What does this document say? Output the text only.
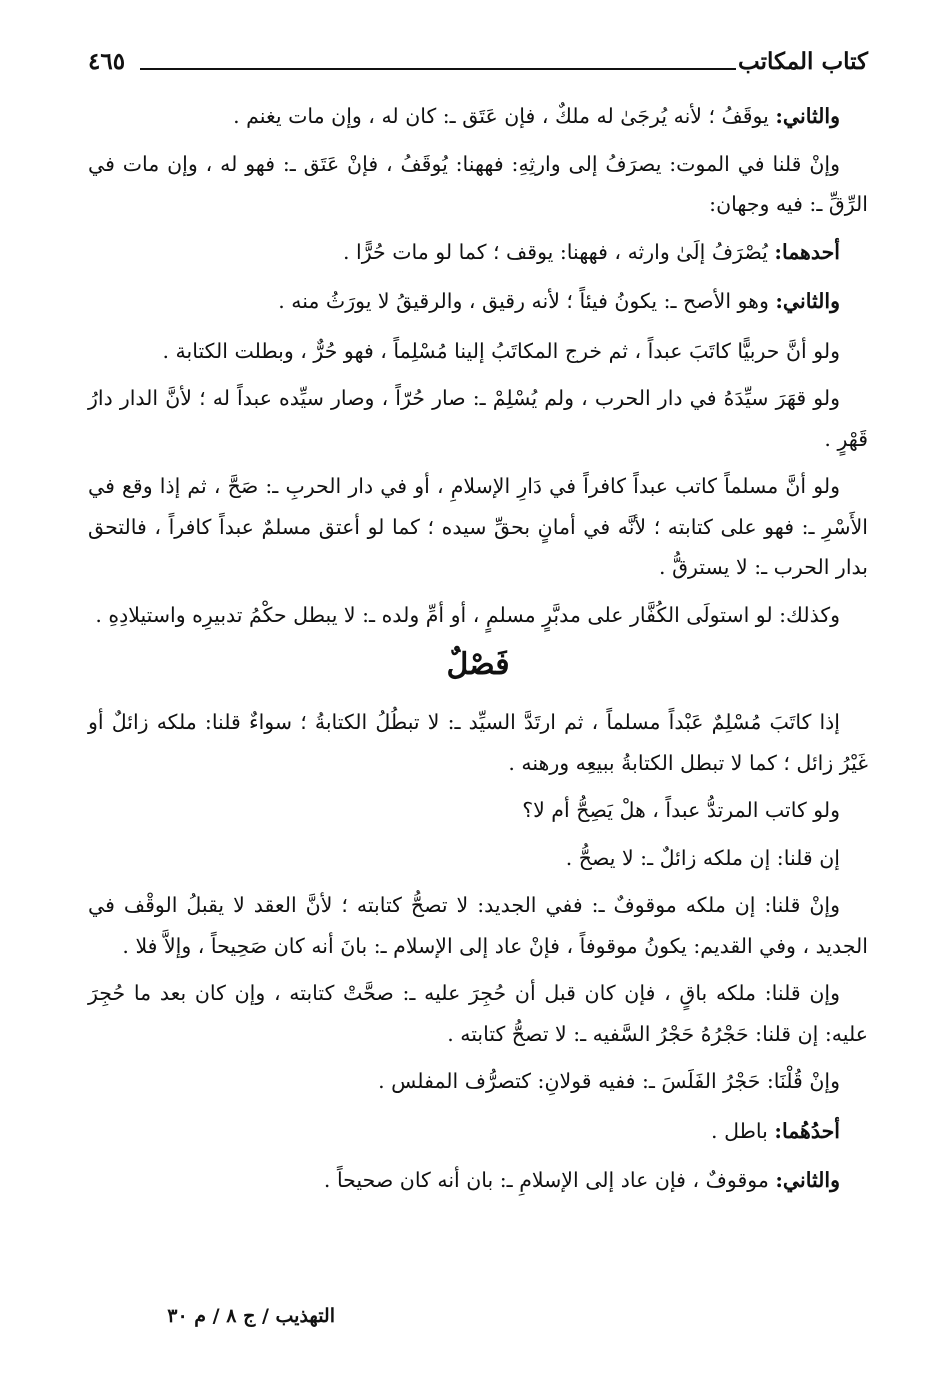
كتاب المكاتب
٤٦٥

والثاني: يوقَفُ ؛ لأنه يُرجَىٰ له ملكٌ ، فإن عَتَق ـ: كان له ، وإن مات يغنم .

وإنْ قلنا في الموت: يصرَفُ إلى وارثِهِ: فههنا: يُوقَفُ ، فإنْ عَتَق ـ: فهو له ، وإن مات في الرِّقِّ ـ: فيه وجهان:

أحدهما: يُصْرَفُ إلَىٰ وارثه ، فههنا: يوقف ؛ كما لو مات حُرًّا .

والثاني: وهو الأصح ـ: يكونُ فيئاً ؛ لأنه رقيق ، والرقيقُ لا يورَثُ منه .

ولو أنَّ حربيًّا كاتَبَ عبداً ، ثم خرج المكاتَبُ إلينا مُسْلِماً ، فهو حُرٌّ ، وبطلت الكتابة .

ولو قهَرَ سيِّدَهُ في دار الحرب ، ولم يُسْلِمْ ـ: صار حُرّاً ، وصار سيِّده عبداً له ؛ لأنَّ الدار دارُ قَهْرٍ .

ولو أنَّ مسلماً كاتب عبداً كافراً في دَارِ الإسلامِ ، أو في دار الحربِ ـ: صَحَّ ، ثم إذا وقع في الأَسْرِ ـ: فهو على كتابته ؛ لأنَّه في أمانٍ بحقِّ سيده ؛ كما لو أعتق مسلمٌ عبداً كافراً ، فالتحق بدار الحرب ـ: لا يسترقُّ .

وكذلك: لو استولَى الكُفَّار على مدبَّرٍ مسلمٍ ، أو أمِّ ولده ـ: لا يبطل حكْمُ تدبيرِه واستيلادِهِ .

فَصْلٌ

إذا كاتَبَ مُسْلِمٌ عَبْداً مسلماً ، ثم ارتَدَّ السيِّد ـ: لا تبطُلُ الكتابةُ ؛ سواءٌ قلنا: ملكه زائلٌ أو غَيْرُ زائل ؛ كما لا تبطل الكتابةُ ببيعِه ورهنه .

ولو كاتب المرتدُّ عبداً ، هلْ يَصِحُّ أم لا؟

إن قلنا: إن ملكه زائلٌ ـ: لا يصحُّ .

وإنْ قلنا: إن ملكه موقوفٌ ـ: ففي الجديد: لا تصحُّ كتابته ؛ لأنَّ العقد لا يقبلُ الوقْف في الجديد ، وفي القديم: يكونُ موقوفاً ، فإنْ عاد إلى الإسلام ـ: بانَ أنه كان صَحِيحاً ، وإلاَّ فلا .

وإن قلنا: ملكه باقٍ ، فإن كان قبل أن حُجِرَ عليه ـ: صحَّتْ كتابته ، وإن كان بعد ما حُجِرَ عليه: إن قلنا: حَجْرُهُ حَجْرُ السَّفيه ـ: لا تصحُّ كتابته .

وإنْ قُلْنَا: حَجْرُ الفَلَسَ ـ: ففيه قولانِ: كتصرُّف المفلس .

أحدُهُما: باطل .

والثاني: موقوفٌ ، فإن عاد إلى الإسلامِ ـ: بان أنه كان صحيحاً .

التهذيب / ج ٨ / م ٣٠
